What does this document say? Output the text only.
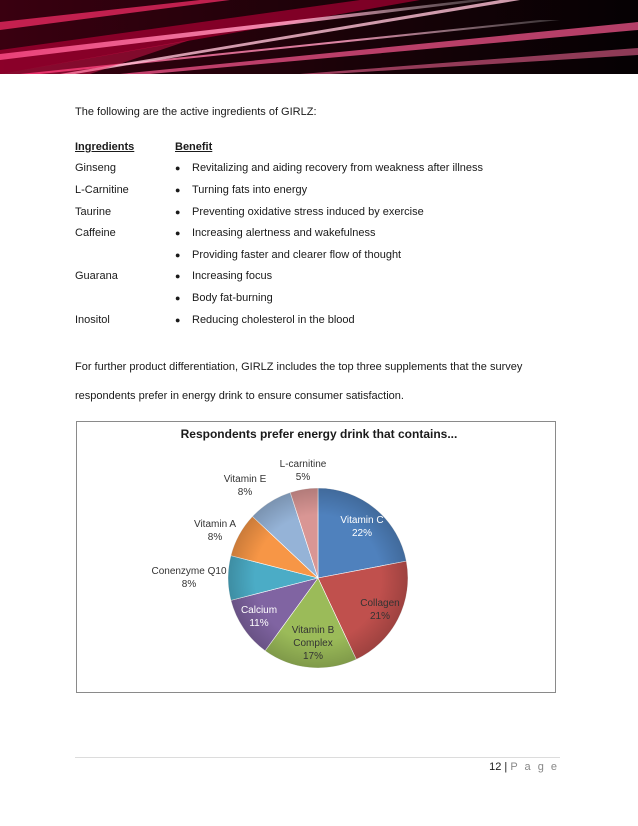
The following are the active ingredients of GIRLZ:
Ingredients	Benefit	
Ginseng	●	Revitalizing and aiding recovery from weakness after illness
L-Carnitine	●	Turning fats into energy
Taurine	●	Preventing oxidative stress induced by exercise
Caffeine	●	Increasing alertness and wakefulness
	●	Providing faster and clearer flow of thought
Guarana	●	Increasing focus
	●	Body fat-burning
Inositol	●	Reducing cholesterol in the blood
For further product differentiation, GIRLZ includes the top three supplements that the survey
respondents prefer in energy drink to ensure consumer satisfaction.
Respondents prefer energy drink that contains...
Vitamin C 22%
Collagen 21%
Vitamin B Complex 17%
Calcium 11%
Conenzyme Q10 8%
Vitamin A 8%
Vitamin E 8%
L-carnitine 5%
12 | P a g e
